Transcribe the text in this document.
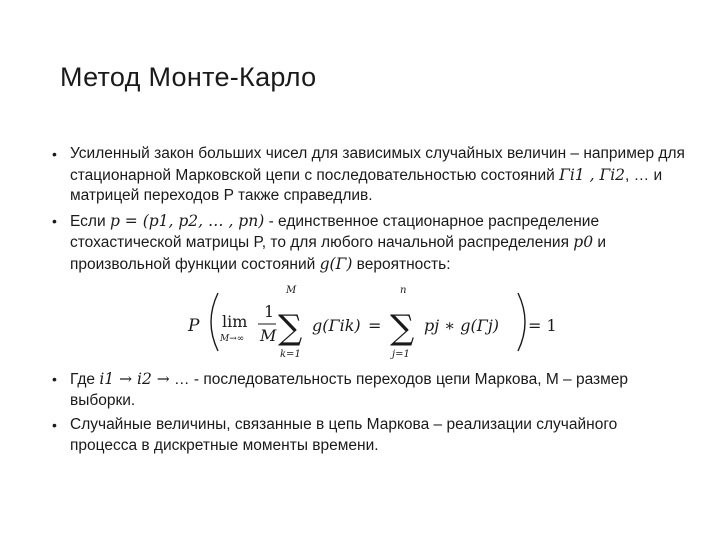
Метод Монте-Карло
• Усиленный закон больших чисел для зависимых случайных величин – например для стационарной Марковской цепи с последовательностью состояний Γi1 , Γi2, … и матрицей переходов P также справедлив.
• Если p = (p1, p2, … , pn) - единственное стационарное распределение стохастической матрицы P, то для любого начальной распределения p0 и произвольной функции состояний g(Γ) вероятность:
P lim
M→∞
1
M
M
∑
k=1
g(Γik) =
n
∑
j=1
pj ∗ g(Γj) = 1
• Где i1 → i2 → … - последовательность переходов цепи Маркова, M – размер выборки.
• Случайные величины, связанные в цепь Маркова – реализации случайного процесса в дискретные моменты времени.
